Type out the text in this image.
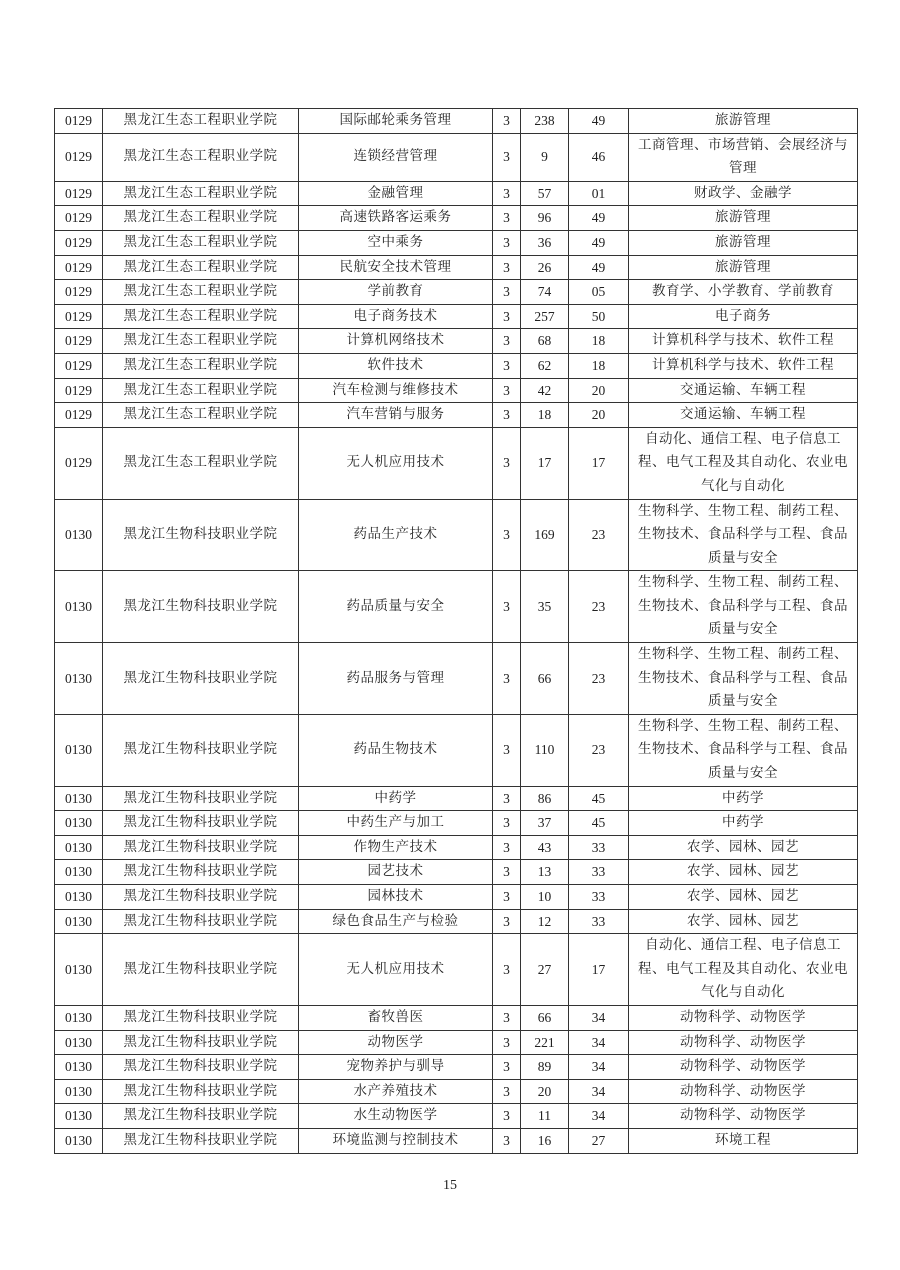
0129	黑龙江生态工程职业学院	国际邮轮乘务管理	3	238	49	旅游管理
0129	黑龙江生态工程职业学院	连锁经营管理	3	9	46	工商管理、市场营销、会展经济与管理
0129	黑龙江生态工程职业学院	金融管理	3	57	01	财政学、金融学
0129	黑龙江生态工程职业学院	高速铁路客运乘务	3	96	49	旅游管理
0129	黑龙江生态工程职业学院	空中乘务	3	36	49	旅游管理
0129	黑龙江生态工程职业学院	民航安全技术管理	3	26	49	旅游管理
0129	黑龙江生态工程职业学院	学前教育	3	74	05	教育学、小学教育、学前教育
0129	黑龙江生态工程职业学院	电子商务技术	3	257	50	电子商务
0129	黑龙江生态工程职业学院	计算机网络技术	3	68	18	计算机科学与技术、软件工程
0129	黑龙江生态工程职业学院	软件技术	3	62	18	计算机科学与技术、软件工程
0129	黑龙江生态工程职业学院	汽车检测与维修技术	3	42	20	交通运输、车辆工程
0129	黑龙江生态工程职业学院	汽车营销与服务	3	18	20	交通运输、车辆工程
0129	黑龙江生态工程职业学院	无人机应用技术	3	17	17	自动化、通信工程、电子信息工程、电气工程及其自动化、农业电气化与自动化
0130	黑龙江生物科技职业学院	药品生产技术	3	169	23	生物科学、生物工程、制药工程、生物技术、食品科学与工程、食品质量与安全
0130	黑龙江生物科技职业学院	药品质量与安全	3	35	23	生物科学、生物工程、制药工程、生物技术、食品科学与工程、食品质量与安全
0130	黑龙江生物科技职业学院	药品服务与管理	3	66	23	生物科学、生物工程、制药工程、生物技术、食品科学与工程、食品质量与安全
0130	黑龙江生物科技职业学院	药品生物技术	3	110	23	生物科学、生物工程、制药工程、生物技术、食品科学与工程、食品质量与安全
0130	黑龙江生物科技职业学院	中药学	3	86	45	中药学
0130	黑龙江生物科技职业学院	中药生产与加工	3	37	45	中药学
0130	黑龙江生物科技职业学院	作物生产技术	3	43	33	农学、园林、园艺
0130	黑龙江生物科技职业学院	园艺技术	3	13	33	农学、园林、园艺
0130	黑龙江生物科技职业学院	园林技术	3	10	33	农学、园林、园艺
0130	黑龙江生物科技职业学院	绿色食品生产与检验	3	12	33	农学、园林、园艺
0130	黑龙江生物科技职业学院	无人机应用技术	3	27	17	自动化、通信工程、电子信息工程、电气工程及其自动化、农业电气化与自动化
0130	黑龙江生物科技职业学院	畜牧兽医	3	66	34	动物科学、动物医学
0130	黑龙江生物科技职业学院	动物医学	3	221	34	动物科学、动物医学
0130	黑龙江生物科技职业学院	宠物养护与驯导	3	89	34	动物科学、动物医学
0130	黑龙江生物科技职业学院	水产养殖技术	3	20	34	动物科学、动物医学
0130	黑龙江生物科技职业学院	水生动物医学	3	11	34	动物科学、动物医学
0130	黑龙江生物科技职业学院	环境监测与控制技术	3	16	27	环境工程
15
